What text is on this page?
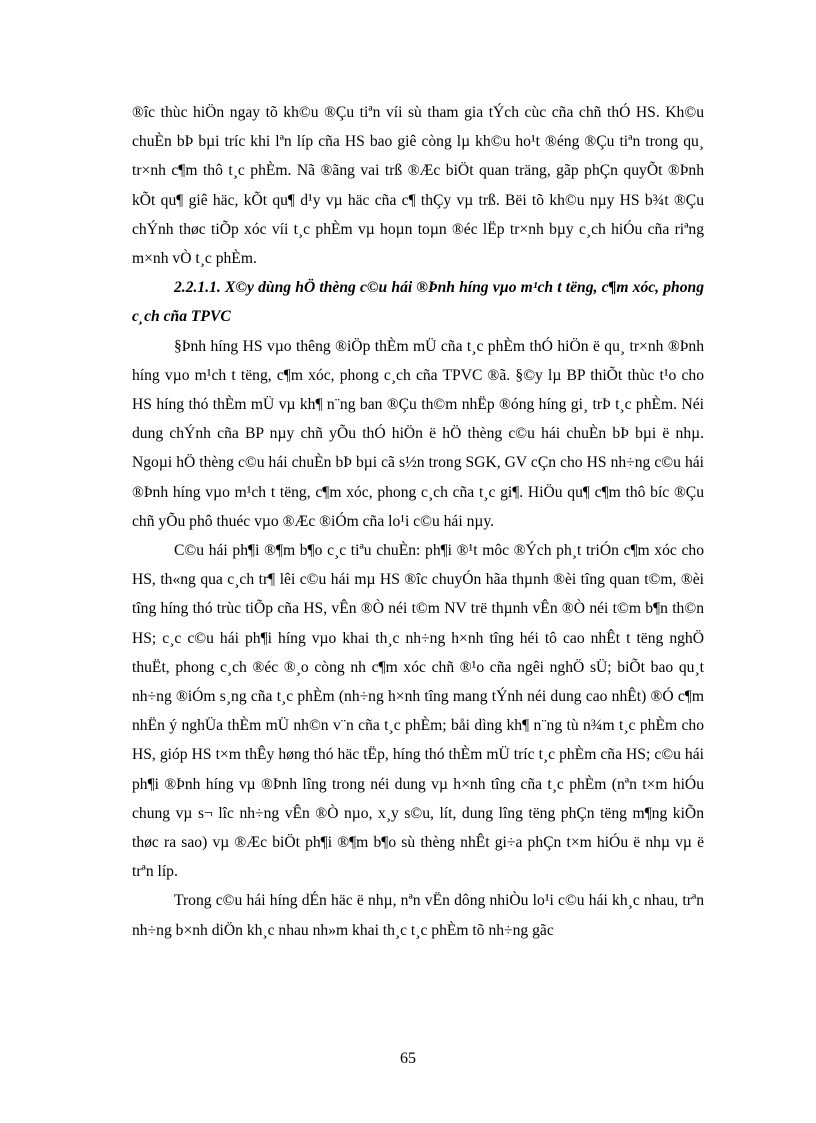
®îc thùc hiÖn ngay tõ kh©u ®Çu tiªn víi sù tham gia tÝch cùc cña chñ thÓ HS. Kh©u chuÈn bÞ bµi tríc khi lªn líp cña HS bao giê còng lµ kh©u ho¹t ®éng ®Çu tiªn trong qu¸ tr×nh c¶m thô t¸c phÈm. Nã ®ãng vai trß ®Æc biÖt quan träng, gãp phÇn quyÕt ®Þnh kÕt qu¶ giê häc, kÕt qu¶ d¹y vµ häc cña c¶ thÇy vµ trß. Bëi tõ kh©u nµy HS b¾t ®Çu chÝnh thøc tiÕp xóc víi t¸c phÈm vµ hoµn toµn ®éc lËp tr×nh bµy c¸ch hiÓu cña riªng m×nh vÒ t¸c phÈm.

2.2.1.1. X©y dùng hÖ thèng c©u hái ®Þnh híng vµo m¹ch t tëng, c¶m xóc, phong c¸ch cña TPVC

§Þnh híng HS vµo thêng ®iÖp thÈm mÜ cña t¸c phÈm thÓ hiÖn ë qu¸ tr×nh ®Þnh híng vµo m¹ch t tëng, c¶m xóc, phong c¸ch cña TPVC ®ã. §©y lµ BP thiÕt thùc t¹o cho HS híng thó thÈm mÜ vµ kh¶ n¨ng ban ®Çu th©m nhËp ®óng híng gi¸ trÞ t¸c phÈm. Néi dung chÝnh cña BP nµy chñ yÕu thÓ hiÖn ë hÖ thèng c©u hái chuÈn bÞ bµi ë nhµ. Ngoµi hÖ thèng c©u hái chuÈn bÞ bµi cã s½n trong SGK, GV cÇn cho HS nh÷ng c©u hái ®Þnh híng vµo m¹ch t tëng, c¶m xóc, phong c¸ch cña t¸c gi¶. HiÖu qu¶ c¶m thô bíc ®Çu chñ yÕu phô thuéc vµo ®Æc ®iÓm cña lo¹i c©u hái nµy.

C©u hái ph¶i ®¶m b¶o c¸c tiªu chuÈn: ph¶i ®¹t môc ®Ých ph¸t triÓn c¶m xóc cho HS, th«ng qua c¸ch tr¶ lêi c©u hái mµ HS ®îc chuyÓn hãa thµnh ®èi tîng quan t©m, ®èi tîng híng thó trùc tiÕp cña HS, vÊn ®Ò néi t©m NV trë thµnh vÊn ®Ò néi t©m b¶n th©n HS; c¸c c©u hái ph¶i híng vµo khai th¸c nh÷ng h×nh tîng héi tô cao nhÊt t tëng nghÖ thuËt, phong c¸ch ®éc ®¸o còng nh c¶m xóc chñ ®¹o cña ngêi nghÖ sÜ; biÕt bao qu¸t nh÷ng ®iÓm s¸ng cña t¸c phÈm (nh÷ng h×nh tîng mang tÝnh néi dung cao nhÊt) ®Ó c¶m nhËn ý nghÜa thÈm mÜ nh©n v¨n cña t¸c phÈm; båi dìng kh¶ n¨ng tù n¾m t¸c phÈm cho HS, gióp HS t×m thÊy høng thó häc tËp, híng thó thÈm mÜ tríc t¸c phÈm cña HS; c©u hái ph¶i ®Þnh híng vµ ®Þnh lîng trong néi dung vµ h×nh tîng cña t¸c phÈm (nªn t×m hiÓu chung vµ s¬ lîc nh÷ng vÊn ®Ò nµo, x¸y s©u, lít, dung lîng tëng phÇn tëng m¶ng kiÕn thøc ra sao) vµ ®Æc biÖt ph¶i ®¶m b¶o sù thèng nhÊt gi÷a phÇn t×m hiÓu ë nhµ vµ ë trªn líp.

Trong c©u hái híng dÉn häc ë nhµ, nªn vËn dông nhiÒu lo¹i c©u hái kh¸c nhau, trªn nh÷ng b×nh diÖn kh¸c nhau nh»m khai th¸c t¸c phÈm tõ nh÷ng gãc

65
